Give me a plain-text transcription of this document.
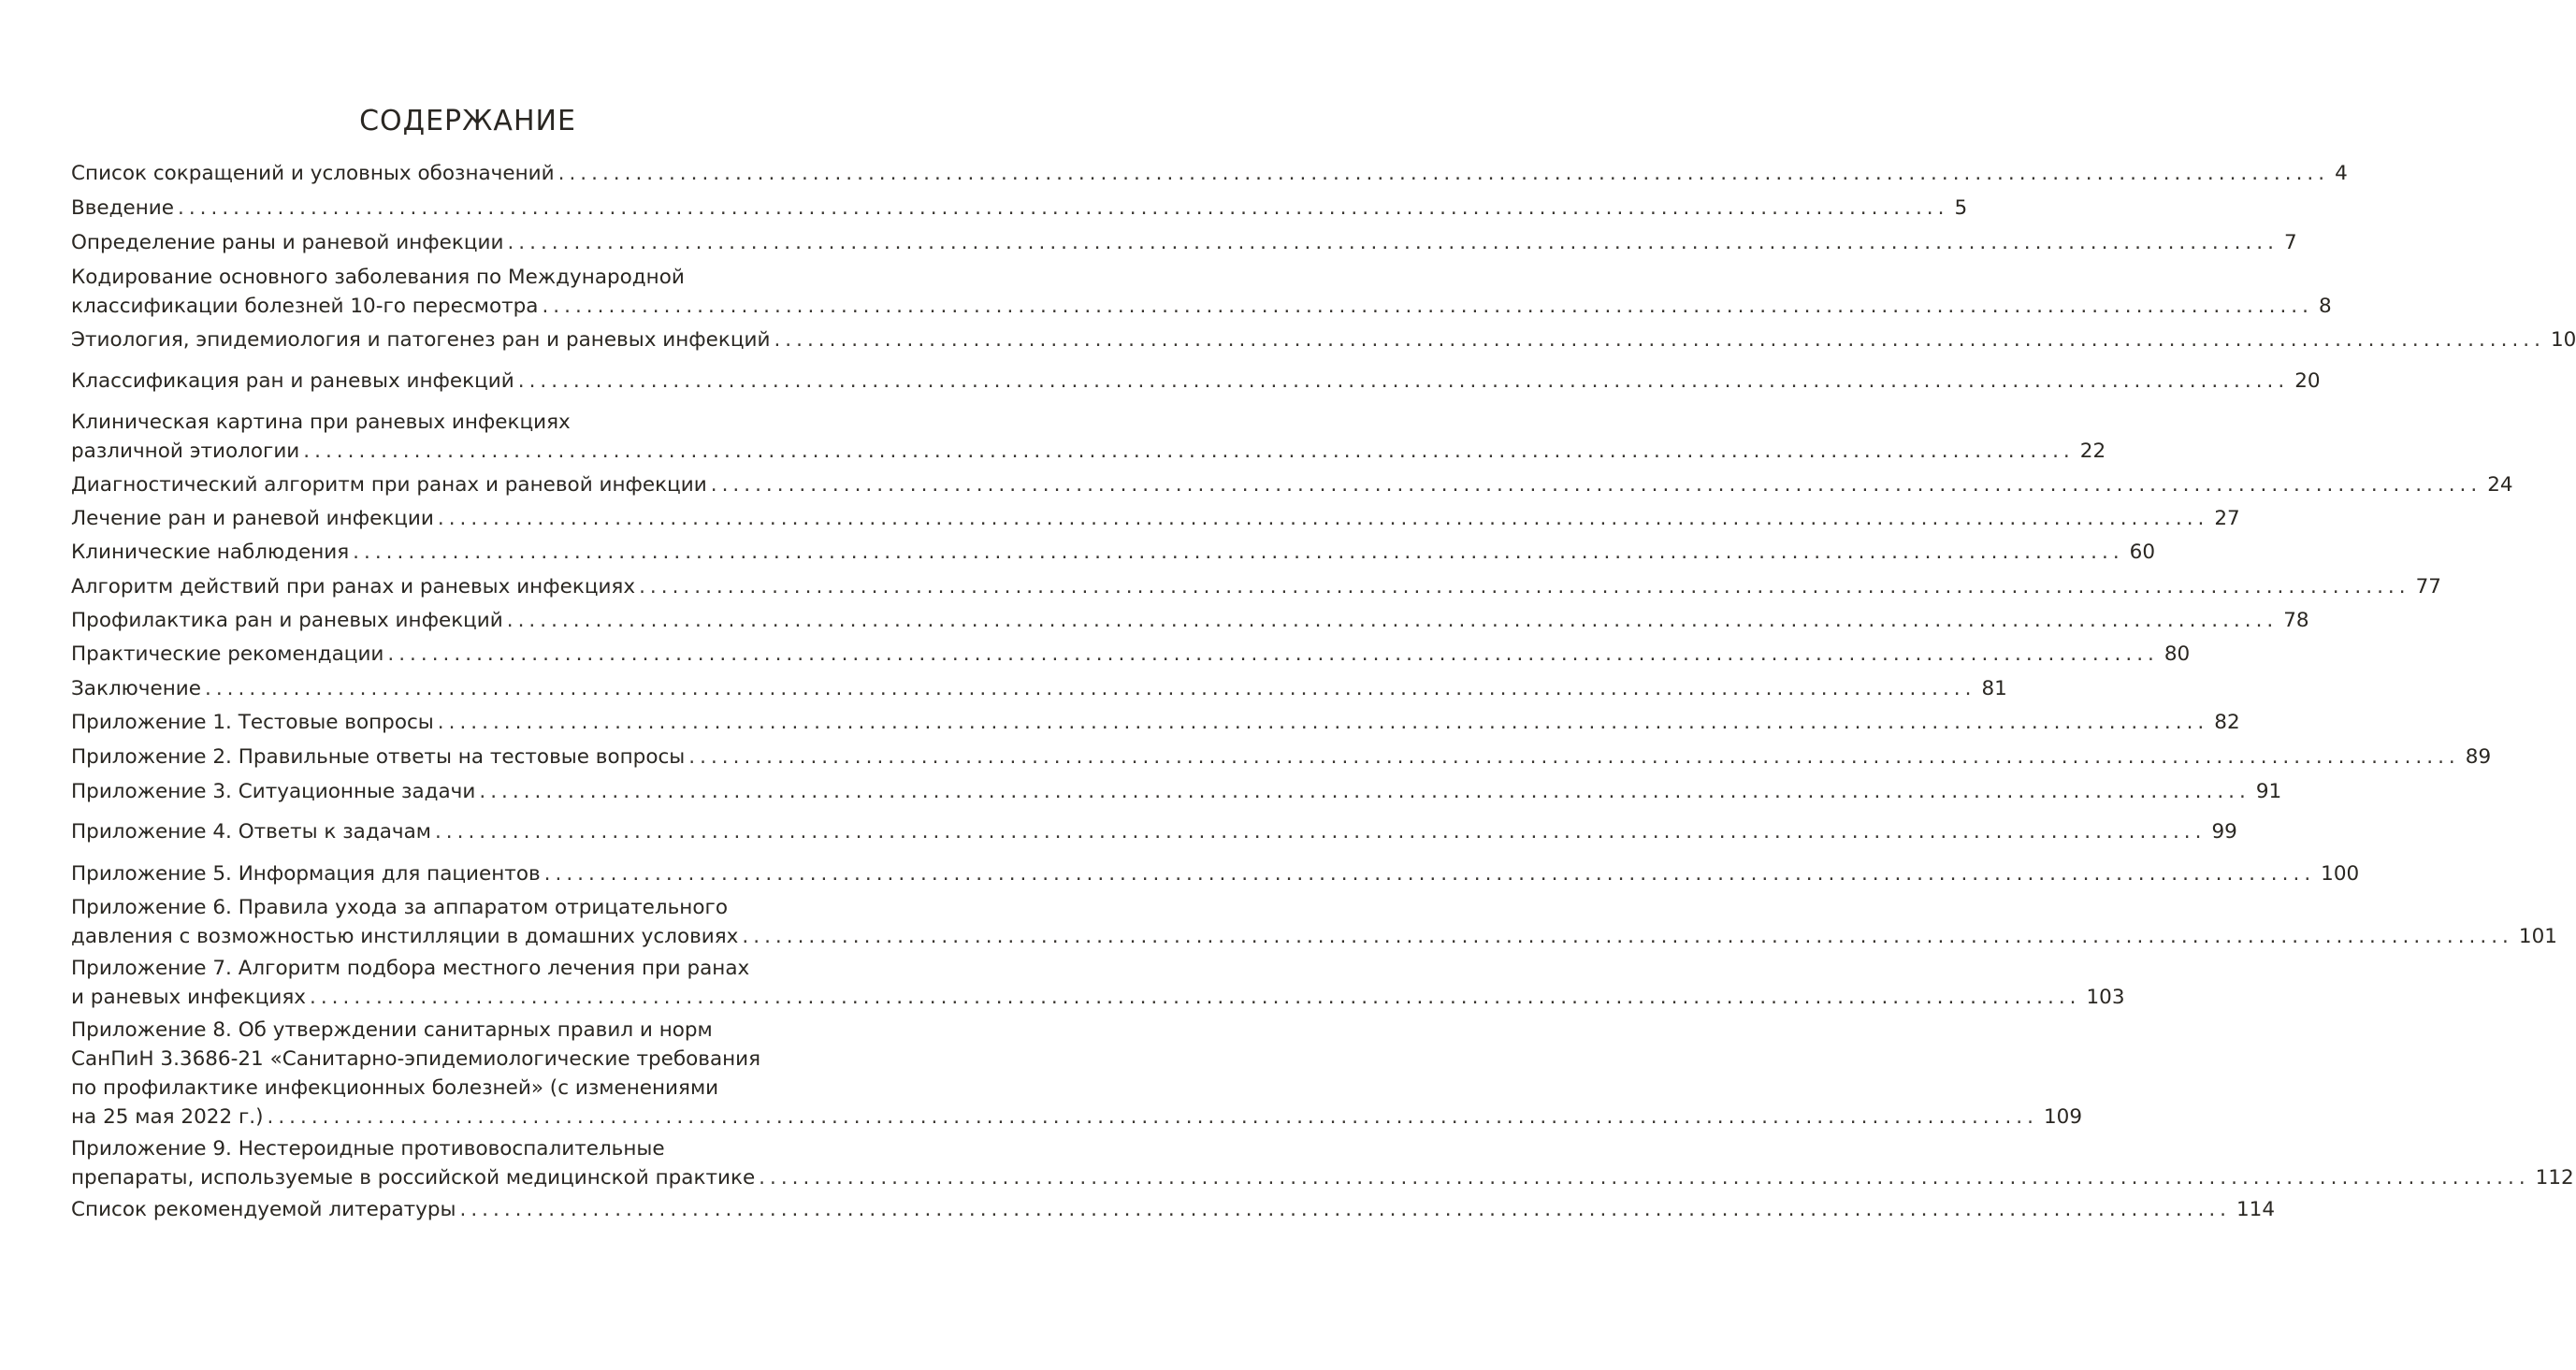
СОДЕРЖАНИЕ
Список сокращений и условных обозначений ................................................................................................................................................................ 4
Введение ................................................................................................................................................................ 5
Определение раны и раневой инфекции ................................................................................................................................................................ 7
Кодирование основного заболевания по Международной
классификации болезней 10-го пересмотра ................................................................................................................................................................ 8
Этиология, эпидемиология и патогенез ран и раневых инфекций ................................................................................................................................................................ 10
Классификация ран и раневых инфекций ................................................................................................................................................................ 20
Клиническая картина при раневых инфекциях
различной этиологии ................................................................................................................................................................ 22
Диагностический алгоритм при ранах и раневой инфекции ................................................................................................................................................................ 24
Лечение ран и раневой инфекции ................................................................................................................................................................ 27
Клинические наблюдения ................................................................................................................................................................ 60
Алгоритм действий при ранах и раневых инфекциях ................................................................................................................................................................ 77
Профилактика ран и раневых инфекций ................................................................................................................................................................ 78
Практические рекомендации ................................................................................................................................................................ 80
Заключение ................................................................................................................................................................ 81
Приложение 1. Тестовые вопросы ................................................................................................................................................................ 82
Приложение 2. Правильные ответы на тестовые вопросы ................................................................................................................................................................ 89
Приложение 3. Ситуационные задачи ................................................................................................................................................................ 91
Приложение 4. Ответы к задачам ................................................................................................................................................................ 99
Приложение 5. Информация для пациентов ................................................................................................................................................................ 100
Приложение 6. Правила ухода за аппаратом отрицательного
давления с возможностью инстилляции в домашних условиях ................................................................................................................................................................ 101
Приложение 7. Алгоритм подбора местного лечения при ранах
и раневых инфекциях ................................................................................................................................................................ 103
Приложение 8. Об утверждении санитарных правил и норм
СанПиН 3.3686-21 «Санитарно-эпидемиологические требования
по профилактике инфекционных болезней» (с изменениями
на 25 мая 2022 г.) ................................................................................................................................................................ 109
Приложение 9. Нестероидные противовоспалительные
препараты, используемые в российской медицинской практике ................................................................................................................................................................ 112
Список рекомендуемой литературы ................................................................................................................................................................ 114
